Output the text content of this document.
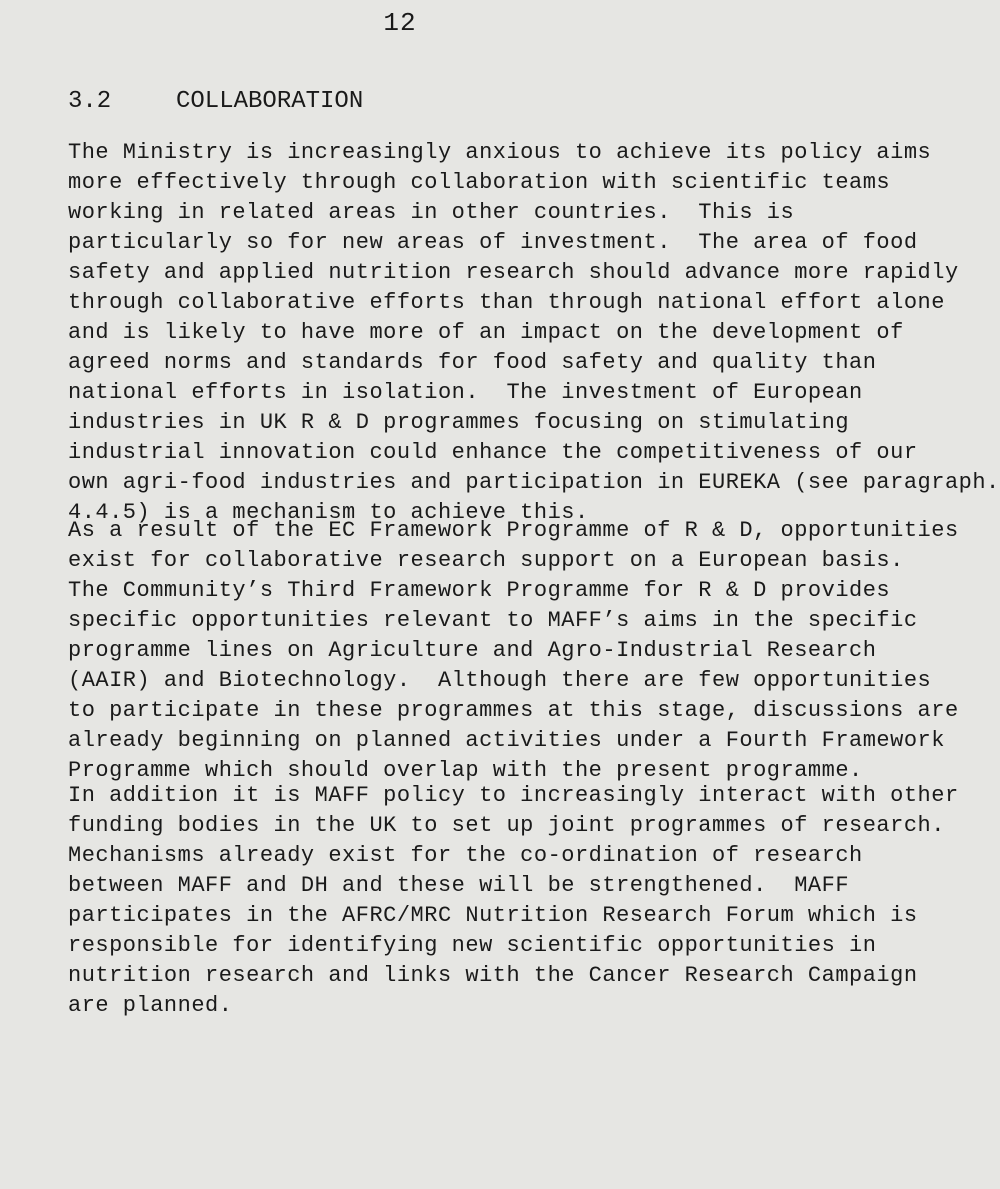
12
3.2	COLLABORATION
The Ministry is increasingly anxious to achieve its policy aims
more effectively through collaboration with scientific teams
working in related areas in other countries.  This is
particularly so for new areas of investment.  The area of food
safety and applied nutrition research should advance more rapidly
through collaborative efforts than through national effort alone
and is likely to have more of an impact on the development of
agreed norms and standards for food safety and quality than
national efforts in isolation.  The investment of European
industries in UK R & D programmes focusing on stimulating
industrial innovation could enhance the competitiveness of our
own agri-food industries and participation in EUREKA (see paragraph.
4.4.5) is a mechanism to achieve this.
As a result of the EC Framework Programme of R & D, opportunities
exist for collaborative research support on a European basis.
The Community’s Third Framework Programme for R & D provides
specific opportunities relevant to MAFF’s aims in the specific
programme lines on Agriculture and Agro-Industrial Research
(AAIR) and Biotechnology.  Although there are few opportunities
to participate in these programmes at this stage, discussions are
already beginning on planned activities under a Fourth Framework
Programme which should overlap with the present programme.
In addition it is MAFF policy to increasingly interact with other
funding bodies in the UK to set up joint programmes of research.
Mechanisms already exist for the co-ordination of research
between MAFF and DH and these will be strengthened.  MAFF
participates in the AFRC/MRC Nutrition Research Forum which is
responsible for identifying new scientific opportunities in
nutrition research and links with the Cancer Research Campaign
are planned.
